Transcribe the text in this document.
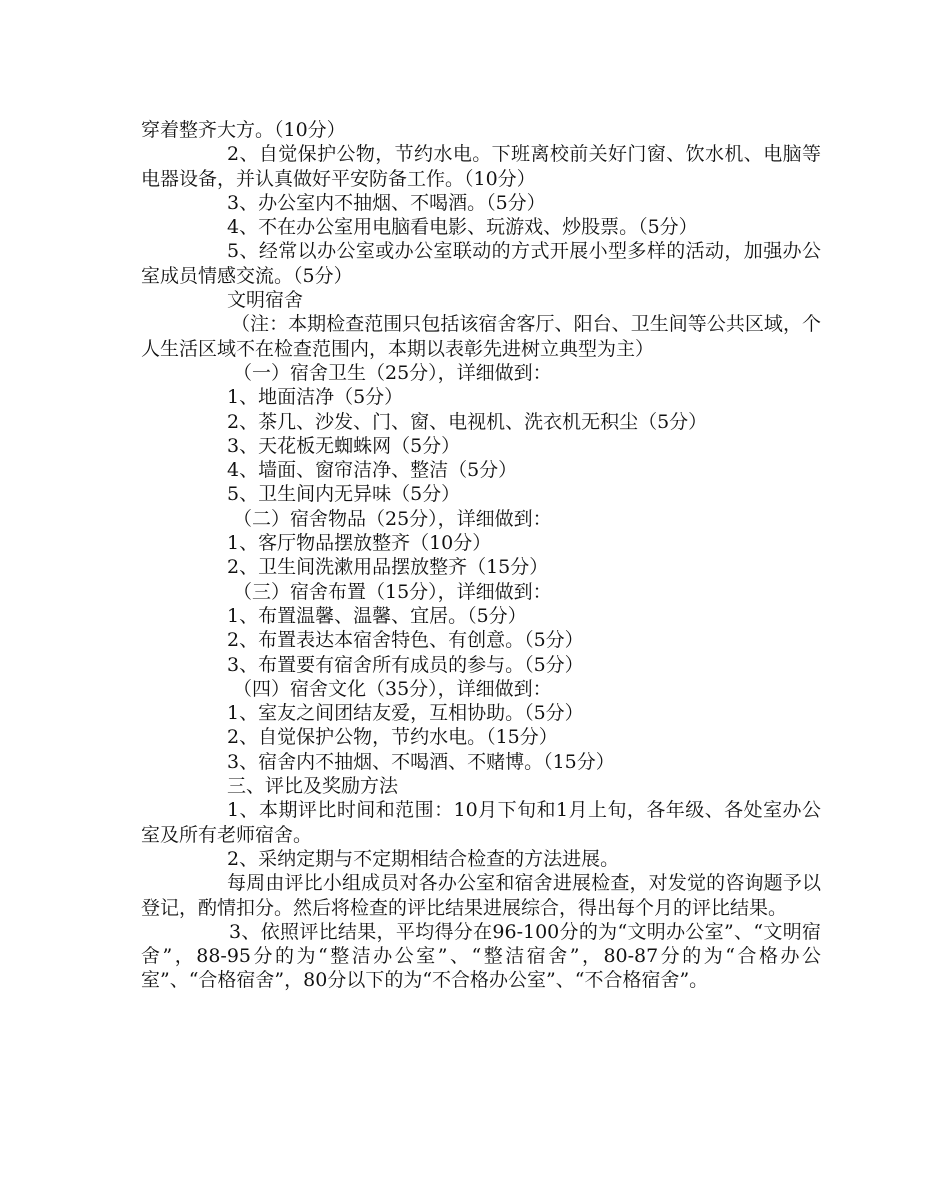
穿着整齐大方。（10分）

2、自觉保护公物，节约水电。下班离校前关好门窗、饮水机、电脑等电器设备，并认真做好平安防备工作。（10分）

3、办公室内不抽烟、不喝酒。（5分）

4、不在办公室用电脑看电影、玩游戏、炒股票。（5分）

5、经常以办公室或办公室联动的方式开展小型多样的活动，加强办公室成员情感交流。（5分）

文明宿舍

（注：本期检查范围只包括该宿舍客厅、阳台、卫生间等公共区域，个人生活区域不在检查范围内，本期以表彰先进树立典型为主）

（一）宿舍卫生（25分），详细做到：

1、地面洁净（5分）

2、茶几、沙发、门、窗、电视机、洗衣机无积尘（5分）

3、天花板无蜘蛛网（5分）

4、墙面、窗帘洁净、整洁（5分）

5、卫生间内无异味（5分）

（二）宿舍物品（25分），详细做到：

1、客厅物品摆放整齐（10分）

2、卫生间洗漱用品摆放整齐（15分）

（三）宿舍布置（15分），详细做到：

1、布置温馨、温馨、宜居。（5分）

2、布置表达本宿舍特色、有创意。（5分）

3、布置要有宿舍所有成员的参与。（5分）

（四）宿舍文化（35分），详细做到：

1、室友之间团结友爱，互相协助。（5分）

2、自觉保护公物，节约水电。（15分）

3、宿舍内不抽烟、不喝酒、不赌博。（15分）

三、评比及奖励方法

1、本期评比时间和范围：10月下旬和1月上旬，各年级、各处室办公室及所有老师宿舍。

2、采纳定期与不定期相结合检查的方法进展。

每周由评比小组成员对各办公室和宿舍进展检查，对发觉的咨询题予以登记，酌情扣分。然后将检查的评比结果进展综合，得出每个月的评比结果。

3、依照评比结果，平均得分在96-100分的为“文明办公室”、“文明宿舍”，88-95分的为“整洁办公室”、“整洁宿舍”，80-87分的为“合格办公室”、“合格宿舍”，80分以下的为“不合格办公室”、“不合格宿舍”。
